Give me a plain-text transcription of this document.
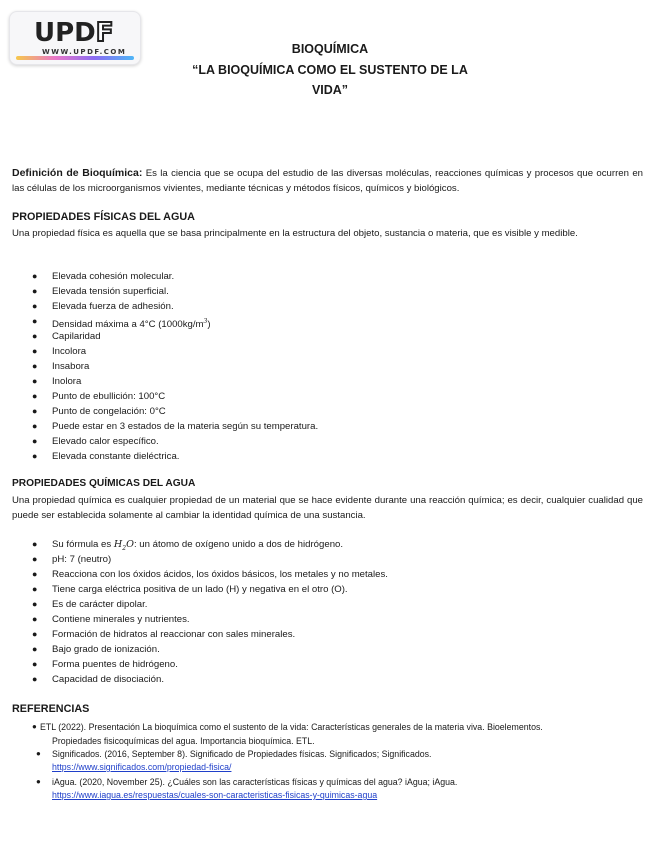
UPDF
WWW.UPDF.COM	BIOQUÍMICA
“LA BIOQUÍMICA COMO EL SUSTENTO DE LA
VIDA”
Definición de Bioquímica: Es la ciencia que se ocupa del estudio de las diversas moléculas, reacciones químicas y procesos que ocurren en las células de los microorganismos vivientes, mediante técnicas y métodos físicos, químicos y biológicos.
PROPIEDADES FÍSICAS DEL AGUA
Una propiedad física es aquella que se basa principalmente en la estructura del objeto, sustancia o materia, que es visible y medible.
● Elevada cohesión molecular.
● Elevada tensión superficial.
● Elevada fuerza de adhesión.
● Densidad máxima a 4°C $(1000kg/m^3)$
● Capilaridad
● Incolora
● Insabora
● Inolora
● Punto de ebullición: 100°C
● Punto de congelación: 0°C
● Puede estar en 3 estados de la materia según su temperatura.
● Elevado calor específico.
● Elevada constante dieléctrica.
PROPIEDADES QUÍMICAS DEL AGUA
Una propiedad química es cualquier propiedad de un material que se hace evidente durante una reacción química; es decir, cualquier cualidad que puede ser establecida solamente al cambiar la identidad química de una sustancia.
● Su fórmula es $H_2O$: un átomo de oxígeno unido a dos de hidrógeno.
● pH: 7 (neutro)
● Reacciona con los óxidos ácidos, los óxidos básicos, los metales y no metales.
● Tiene carga eléctrica positiva de un lado (H) y negativa en el otro (O).
● Es de carácter dipolar.
● Contiene minerales y nutrientes.
● Formación de hidratos al reaccionar con sales minerales.
● Bajo grado de ionización.
● Forma puentes de hidrógeno.
● Capacidad de disociación.
REFERENCIAS
● ETL (2022). Presentación La bioquímica como el sustento de la vida: Características generales de la materia viva. Bioelementos.
Propiedades fisicoquímicas del agua. Importancia bioquímica. ETL.
● Significados. (2016, September 8). Significado de Propiedades físicas. Significados; Significados.
https://www.significados.com/propiedad-fisica/
● iAgua. (2020, November 25). ¿Cuáles son las características físicas y químicas del agua? iAgua; iAgua.
https://www.iagua.es/respuestas/cuales-son-caracteristicas-fisicas-y-quimicas-agua
